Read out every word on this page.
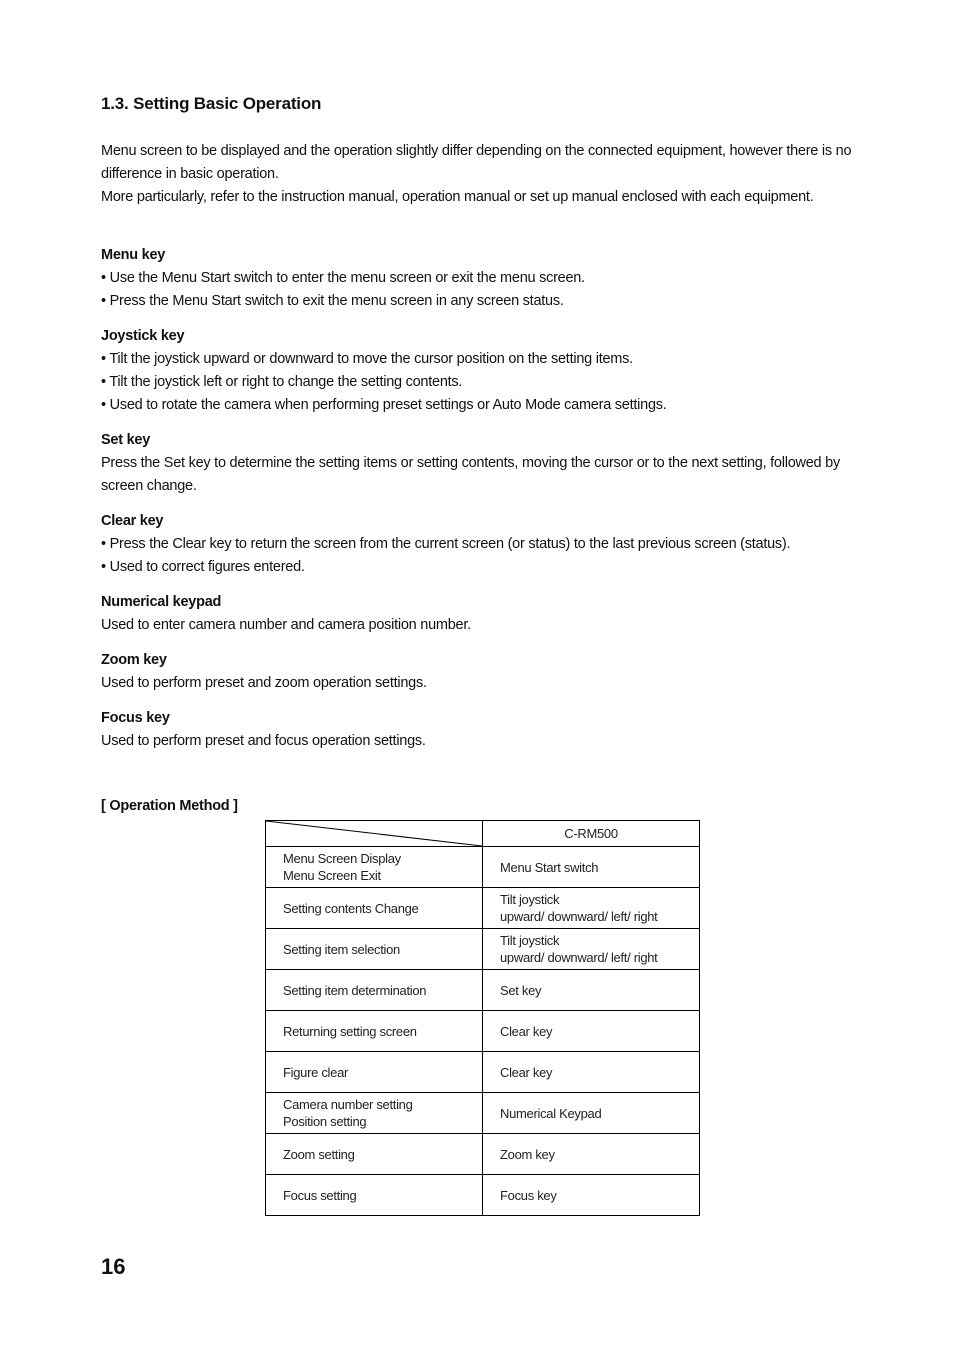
1.3. Setting Basic Operation

Menu screen to be displayed and the operation slightly differ depending on the connected equipment, however there is no difference in basic operation.

More particularly, refer to the instruction manual, operation manual or set up manual enclosed with each equipment.

Menu key

• Use the Menu Start switch to enter the menu screen or exit the menu screen.

• Press the Menu Start switch to exit the menu screen in any screen status.

Joystick key

• Tilt the joystick upward or downward to move the cursor position on the setting items.

• Tilt the joystick left or right to change the setting contents.

• Used to rotate the camera when performing preset settings or Auto Mode camera settings.

Set key

Press the Set key to determine the setting items or setting contents, moving the cursor or to the next setting, followed by screen change.

Clear key

• Press the Clear key to return the screen from the current screen (or status) to the last previous screen (status).

• Used to correct figures entered.

Numerical keypad

Used to enter camera number and camera position number.

Zoom key

Used to perform preset and zoom operation settings.

Focus key

Used to perform preset and focus operation settings.

[ Operation Method ]

	C-RM500

Menu Screen Display
Menu Screen Exit	Menu Start switch

Setting contents Change	Tilt joystick
upward/ downward/ left/ right

Setting item selection	Tilt joystick
upward/ downward/ left/ right

Setting item determination	Set key

Returning setting screen	Clear key

Figure clear	Clear key

Camera number setting
Position setting	Numerical Keypad

Zoom setting	Zoom key

Focus setting	Focus key

16
